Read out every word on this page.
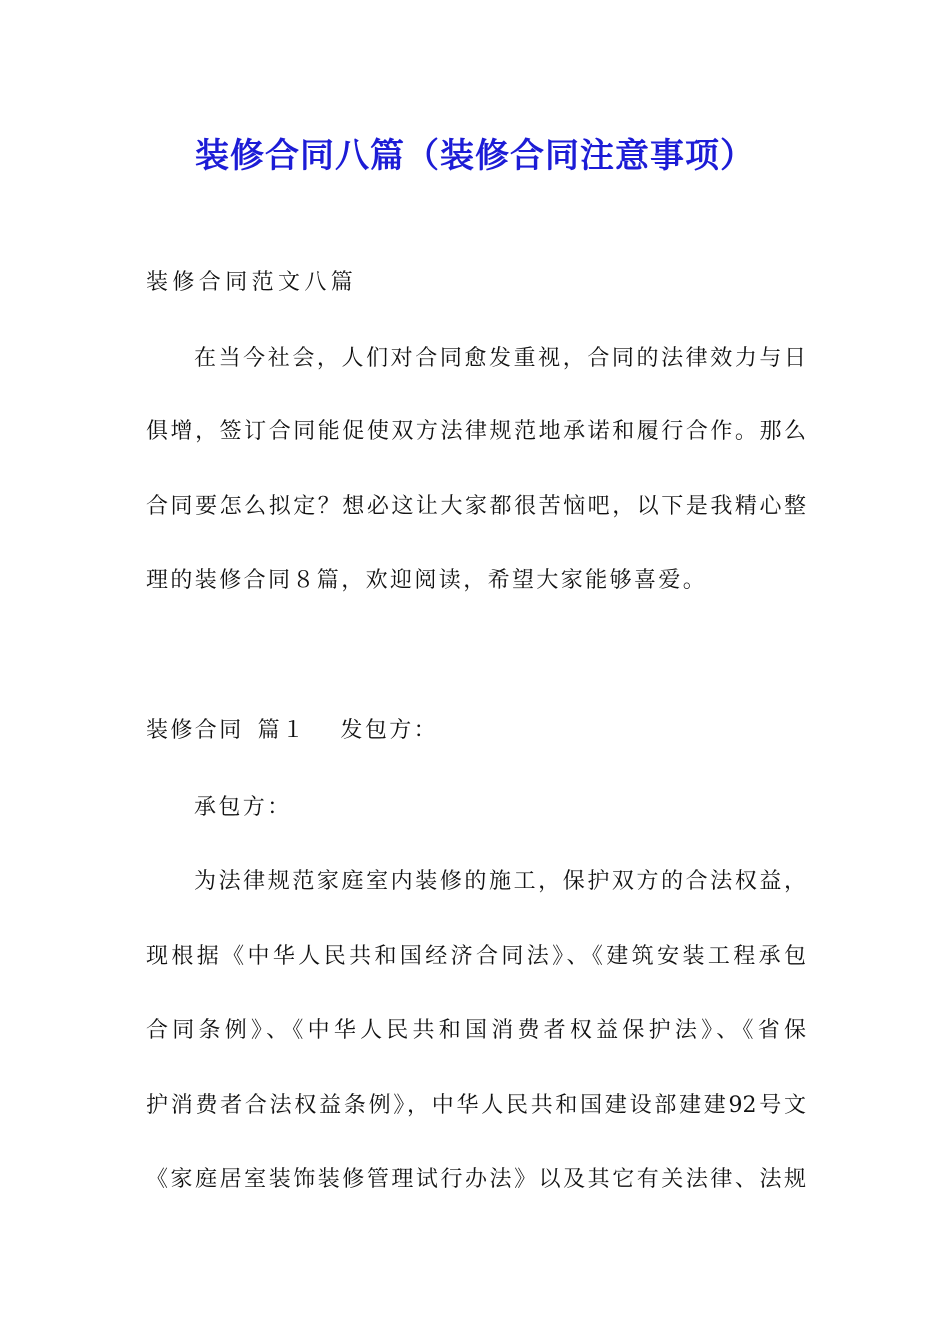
装修合同八篇（装修合同注意事项）
装修合同范文八篇
在当今社会，人们对合同愈发重视，合同的法律效力与日
俱增，签订合同能促使双方法律规范地承诺和履行合作。那么
合同要怎么拟定？想必这让大家都很苦恼吧，以下是我精心整
理的装修合同８篇，欢迎阅读，希望大家能够喜爱。
装修合同 篇１ 发包方：
承包方：
为法律规范家庭室内装修的施工，保护双方的合法权益，
现根据《中华人民共和国经济合同法》、《建筑安装工程承包
合同条例》、《中华人民共和国消费者权益保护法》、《省保
护消费者合法权益条例》，中华人民共和国建设部建建92号文
《家庭居室装饰装修管理试行办法》以及其它有关法律、法规
